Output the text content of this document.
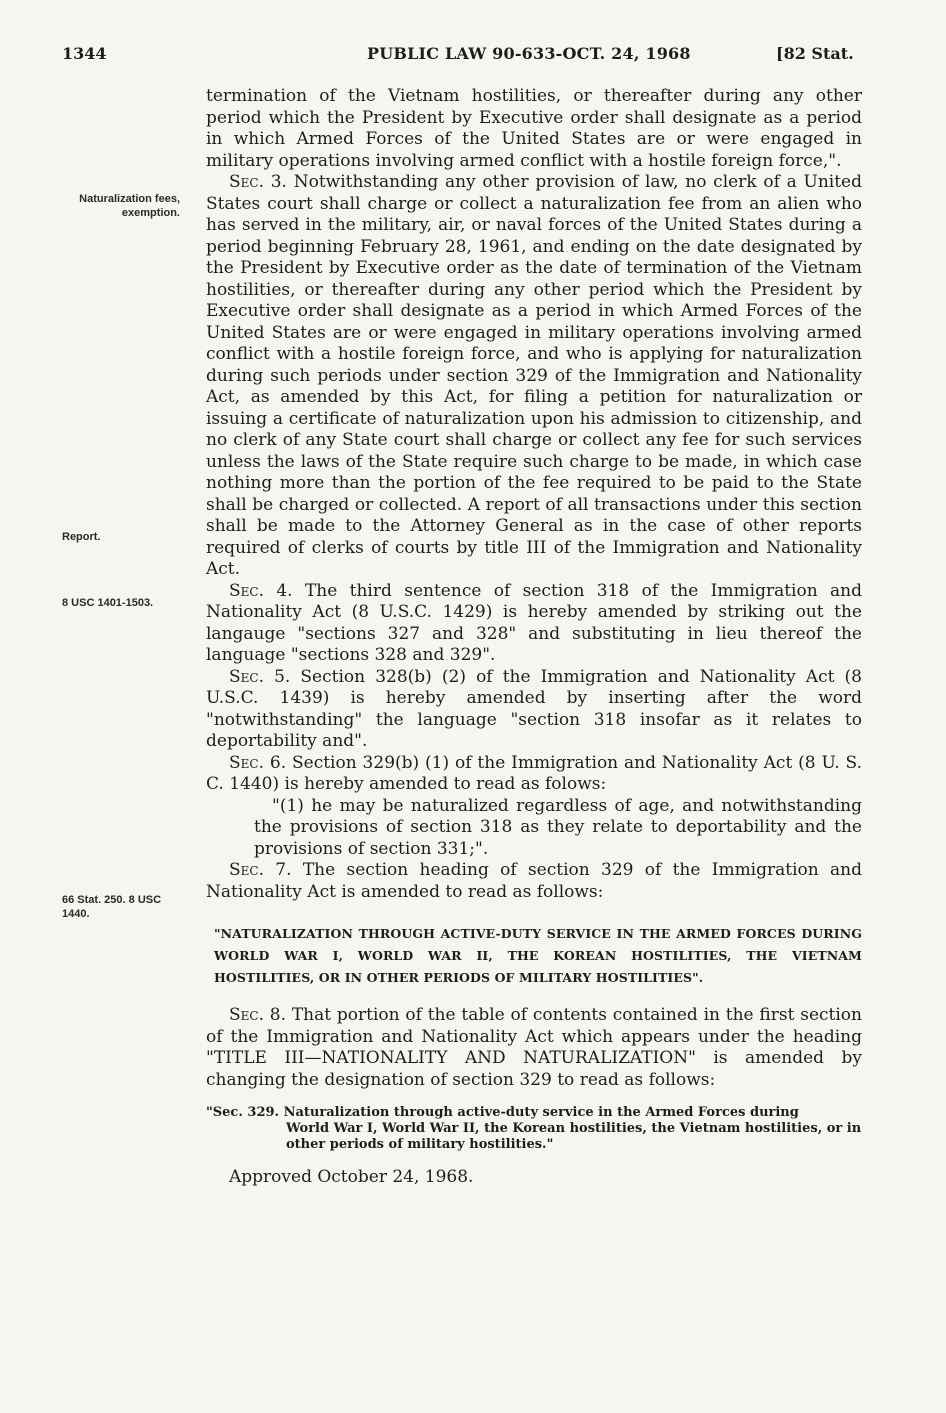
1344	PUBLIC LAW 90-633-OCT. 24, 1968	[82 Stat.
Naturalization fees, exemption.
Report.
8 USC 1401-1503.
66 Stat. 250. 8 USC 1440.

termination of the Vietnam hostilities, or thereafter during any other period which the President by Executive order shall designate as a period in which Armed Forces of the United States are or were engaged in military operations involving armed conflict with a hostile foreign force,".

Sec. 3. Notwithstanding any other provision of law, no clerk of a United States court shall charge or collect a naturalization fee from an alien who has served in the military, air, or naval forces of the United States during a period beginning February 28, 1961, and ending on the date designated by the President by Executive order as the date of termination of the Vietnam hostilities, or thereafter during any other period which the President by Executive order shall designate as a period in which Armed Forces of the United States are or were engaged in military operations involving armed conflict with a hostile foreign force, and who is applying for naturalization during such periods under section 329 of the Immigration and Nationality Act, as amended by this Act, for filing a petition for naturalization or issuing a certificate of naturalization upon his admission to citizenship, and no clerk of any State court shall charge or collect any fee for such services unless the laws of the State require such charge to be made, in which case nothing more than the portion of the fee required to be paid to the State shall be charged or collected. A report of all transactions under this section shall be made to the Attorney General as in the case of other reports required of clerks of courts by title III of the Immigration and Nationality Act.

Sec. 4. The third sentence of section 318 of the Immigration and Nationality Act (8 U.S.C. 1429) is hereby amended by striking out the langauge "sections 327 and 328" and substituting in lieu thereof the language "sections 328 and 329".

Sec. 5. Section 328(b) (2) of the Immigration and Nationality Act (8 U.S.C. 1439) is hereby amended by inserting after the word "notwithstanding" the language "section 318 insofar as it relates to deportability and".

Sec. 6. Section 329(b) (1) of the Immigration and Nationality Act (8 U. S. C. 1440) is hereby amended to read as folows:

"(1) he may be naturalized regardless of age, and notwithstanding the provisions of section 318 as they relate to deportability and the provisions of section 331;".

Sec. 7. The section heading of section 329 of the Immigration and Nationality Act is amended to read as follows:

"NATURALIZATION THROUGH ACTIVE-DUTY SERVICE IN THE ARMED FORCES DURING WORLD WAR I, WORLD WAR II, THE KOREAN HOSTILITIES, THE VIETNAM HOSTILITIES, OR IN OTHER PERIODS OF MILITARY HOSTILITIES".

Sec. 8. That portion of the table of contents contained in the first section of the Immigration and Nationality Act which appears under the heading "TITLE III—NATIONALITY AND NATURALIZATION" is amended by changing the designation of section 329 to read as follows:

"Sec. 329. Naturalization through active-duty service in the Armed Forces during
World War I, World War II, the Korean hostilities, the Vietnam hostilities, or in other periods of military hostilities."

Approved October 24, 1968.
